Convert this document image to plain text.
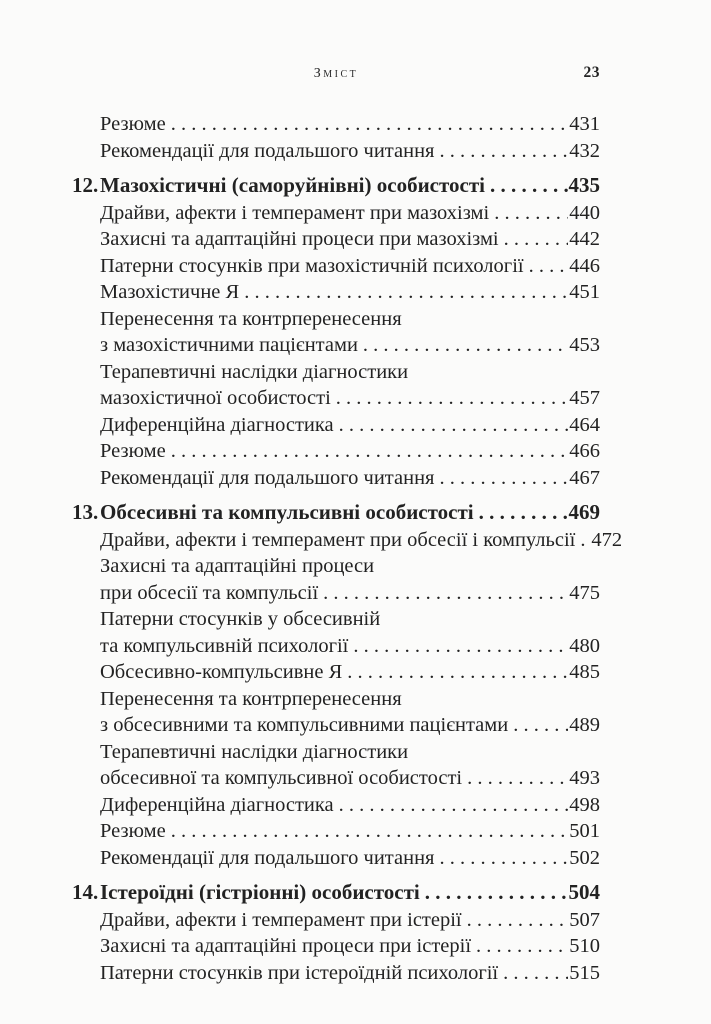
Зміст	23
Резюме . . .	431
Рекомендації для подальшого читання . . .	432
12. Мазохістичні (саморуйнівні) особистості . . .	435
Драйви, афекти і темперамент при мазохізмі . . .	440
Захисні та адаптаційні процеси при мазохізмі . . .	442
Патерни стосунків при мазохістичній психології . . . 446
Мазохістичне Я . . .	451
Перенесення та контрперенесення
з мазохістичними пацієнтами . . .	453
Терапевтичні наслідки діагностики
мазохістичної особистості . . .	457
Диференційна діагностика . . .	464
Резюме . . .	466
Рекомендації для подальшого читання . . .	467
13. Обсесивні та компульсивні особистості . . .	469
Драйви, афекти і темперамент при обсесії і компульсії . . . 472
Захисні та адаптаційні процеси
при обсесії та компульсії . . .	475
Патерни стосунків у обсесивній
та компульсивній психології . . .	480
Обсесивно-компульсивне Я . . .	485
Перенесення та контрперенесення
з обсесивними та компульсивними пацієнтами . . .	489
Терапевтичні наслідки діагностики
обсесивної та компульсивної особистості . . .	493
Диференційна діагностика . . .	498
Резюме . . .	501
Рекомендації для подальшого читання . . .	502
14. Істероїдні (гістріонні) особистості . . .	504
Драйви, афекти і темперамент при істерії . . .	507
Захисні та адаптаційні процеси при істерії . . .	510
Патерни стосунків при істероїдній психології . . .	515
